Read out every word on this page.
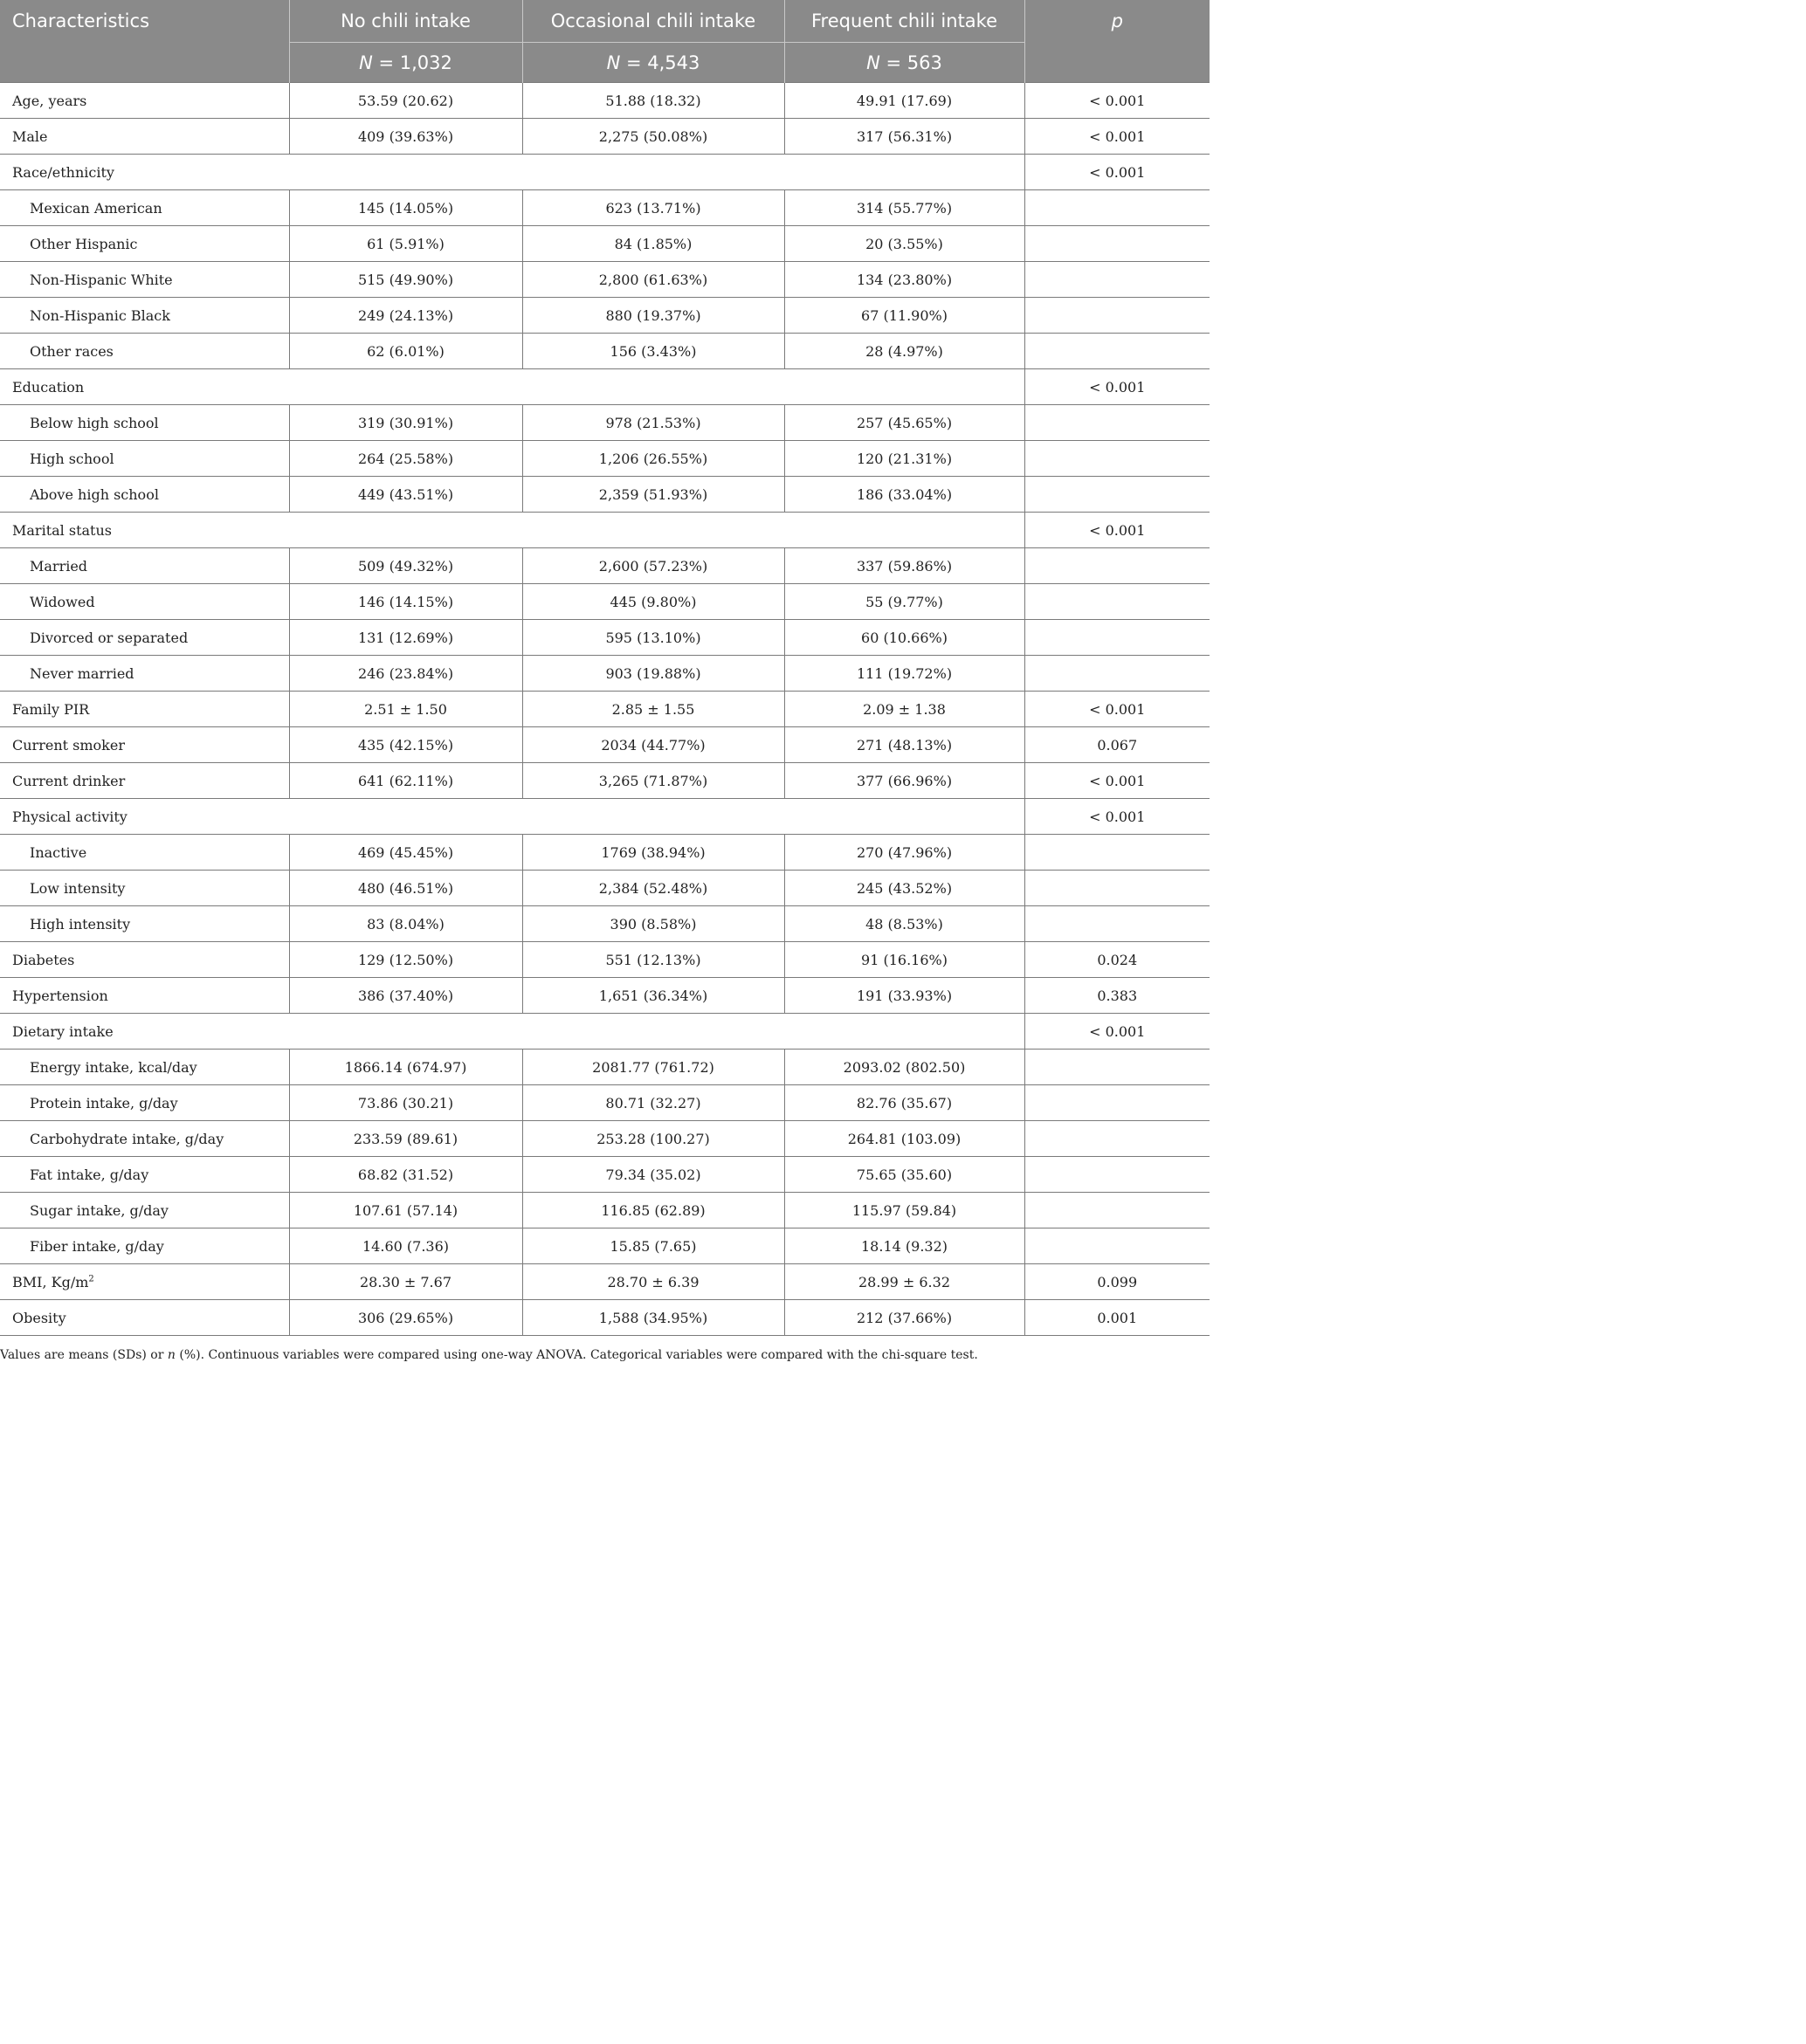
Characteristics	No chili intake	Occasional chili intake	Frequent chili intake	p
	N = 1,032	N = 4,543	N = 563	
Age, years	53.59 (20.62)	51.88 (18.32)	49.91 (17.69)	< 0.001
Male	409 (39.63%)	2,275 (50.08%)	317 (56.31%)	< 0.001
Race/ethnicity				< 0.001
Mexican American	145 (14.05%)	623 (13.71%)	314 (55.77%)	
Other Hispanic	61 (5.91%)	84 (1.85%)	20 (3.55%)	
Non-Hispanic White	515 (49.90%)	2,800 (61.63%)	134 (23.80%)	
Non-Hispanic Black	249 (24.13%)	880 (19.37%)	67 (11.90%)	
Other races	62 (6.01%)	156 (3.43%)	28 (4.97%)	
Education				< 0.001
Below high school	319 (30.91%)	978 (21.53%)	257 (45.65%)	
High school	264 (25.58%)	1,206 (26.55%)	120 (21.31%)	
Above high school	449 (43.51%)	2,359 (51.93%)	186 (33.04%)	
Marital status				< 0.001
Married	509 (49.32%)	2,600 (57.23%)	337 (59.86%)	
Widowed	146 (14.15%)	445 (9.80%)	55 (9.77%)	
Divorced or separated	131 (12.69%)	595 (13.10%)	60 (10.66%)	
Never married	246 (23.84%)	903 (19.88%)	111 (19.72%)	
Family PIR	2.51 ± 1.50	2.85 ± 1.55	2.09 ± 1.38	< 0.001
Current smoker	435 (42.15%)	2034 (44.77%)	271 (48.13%)	0.067
Current drinker	641 (62.11%)	3,265 (71.87%)	377 (66.96%)	< 0.001
Physical activity				< 0.001
Inactive	469 (45.45%)	1769 (38.94%)	270 (47.96%)	
Low intensity	480 (46.51%)	2,384 (52.48%)	245 (43.52%)	
High intensity	83 (8.04%)	390 (8.58%)	48 (8.53%)	
Diabetes	129 (12.50%)	551 (12.13%)	91 (16.16%)	0.024
Hypertension	386 (37.40%)	1,651 (36.34%)	191 (33.93%)	0.383
Dietary intake				< 0.001
Energy intake, kcal/day	1866.14 (674.97)	2081.77 (761.72)	2093.02 (802.50)	
Protein intake, g/day	73.86 (30.21)	80.71 (32.27)	82.76 (35.67)	
Carbohydrate intake, g/day	233.59 (89.61)	253.28 (100.27)	264.81 (103.09)	
Fat intake, g/day	68.82 (31.52)	79.34 (35.02)	75.65 (35.60)	
Sugar intake, g/day	107.61 (57.14)	116.85 (62.89)	115.97 (59.84)	
Fiber intake, g/day	14.60 (7.36)	15.85 (7.65)	18.14 (9.32)	
BMI, $Kg/m^2$	28.30 ± 7.67	28.70 ± 6.39	28.99 ± 6.32	0.099
Obesity	306 (29.65%)	1,588 (34.95%)	212 (37.66%)	0.001
Values are means (SDs) or n (%). Continuous variables were compared using one-way ANOVA. Categorical variables were compared with the chi-square test.
